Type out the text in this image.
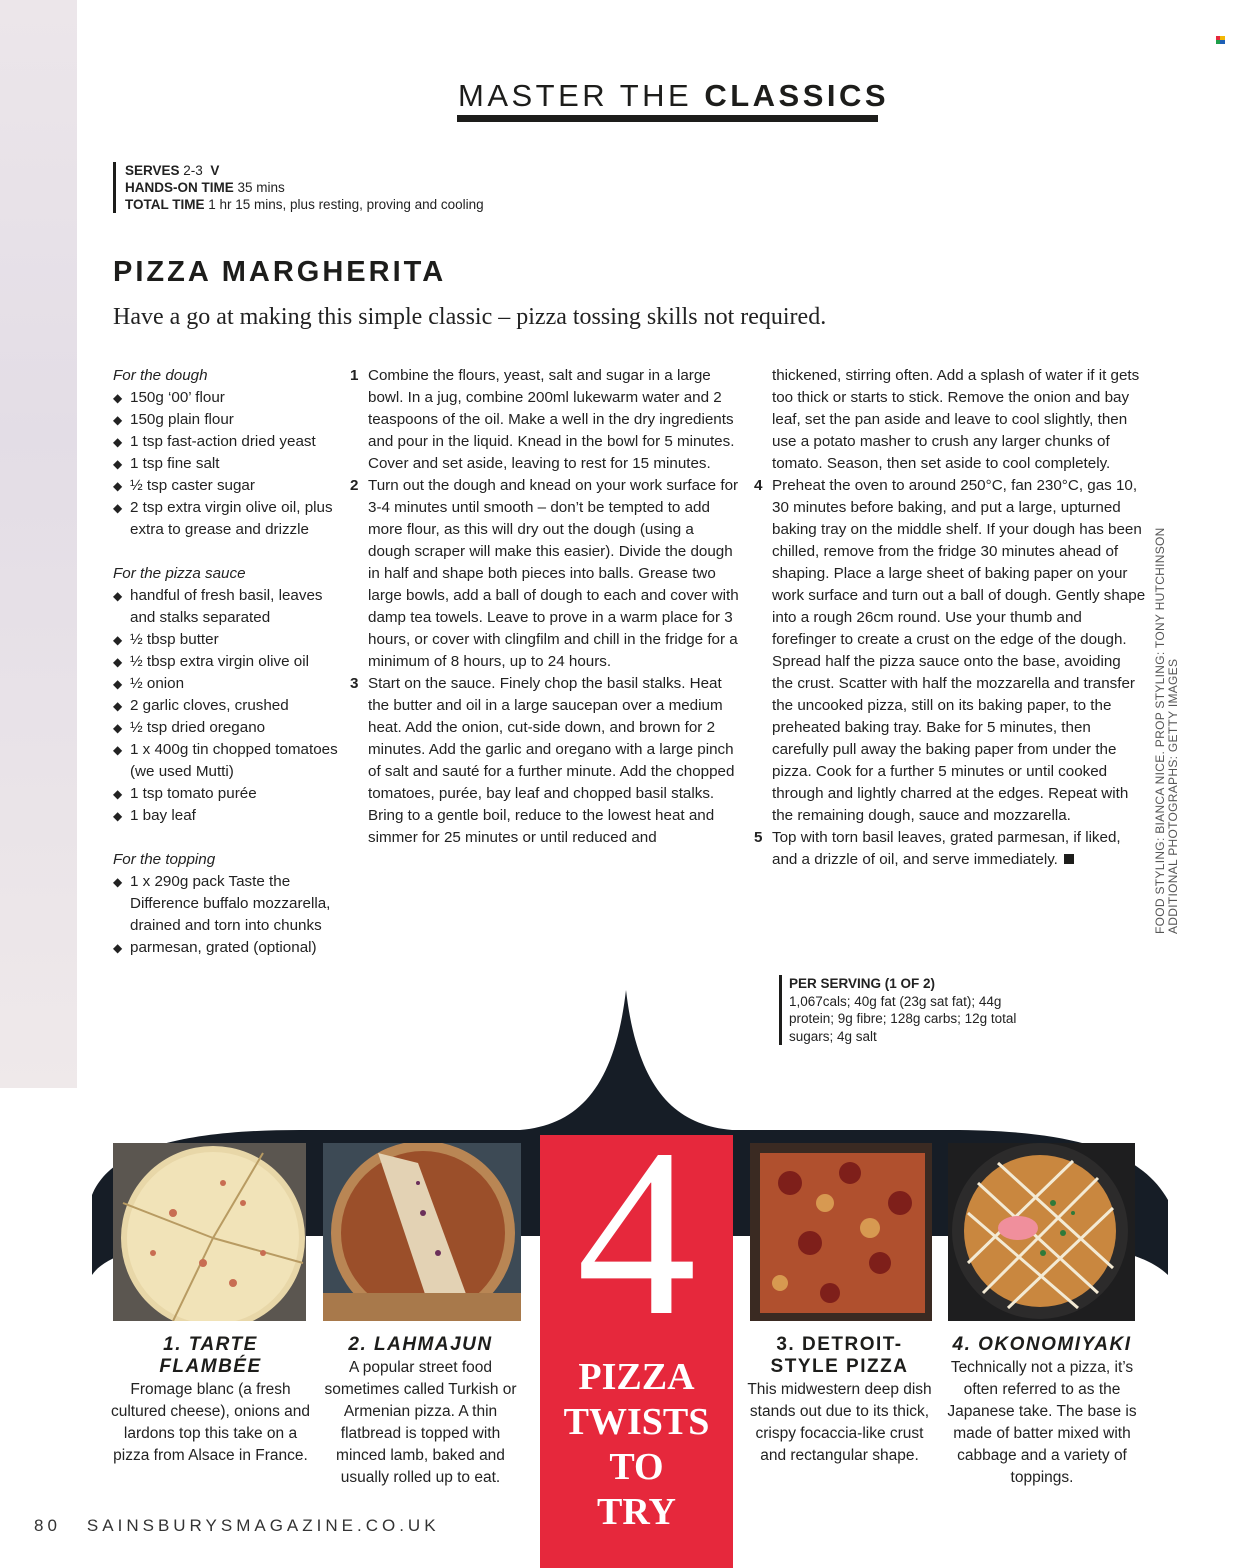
MASTER THE CLASSICS
SERVES 2-3 V
HANDS-ON TIME 35 mins
TOTAL TIME 1 hr 15 mins, plus resting, proving and cooling
PIZZA MARGHERITA
Have a go at making this simple classic – pizza tossing skills not required.

For the dough

◆ 150g ‘00’ flour

◆ 150g plain flour

◆ 1 tsp fast-action dried yeast

◆ 1 tsp fine salt

◆ ½ tsp caster sugar

◆ 2 tsp extra virgin olive oil, plus extra to grease and drizzle

For the pizza sauce

◆ handful of fresh basil, leaves and stalks separated

◆ ½ tbsp butter

◆ ½ tbsp extra virgin olive oil

◆ ½ onion

◆ 2 garlic cloves, crushed

◆ ½ tsp dried oregano

◆ 1 x 400g tin chopped tomatoes (we used Mutti)

◆ 1 tsp tomato purée

◆ 1 bay leaf

For the topping

◆ 1 x 290g pack Taste the Difference buffalo mozzarella, drained and torn into chunks

◆ parmesan, grated (optional)

1 Combine the flours, yeast, salt and sugar in a large bowl. In a jug, combine 200ml lukewarm water and 2 teaspoons of the oil. Make a well in the dry ingredients and pour in the liquid. Knead in the bowl for 5 minutes. Cover and set aside, leaving to rest for 15 minutes.

2 Turn out the dough and knead on your work surface for 3-4 minutes until smooth – don’t be tempted to add more flour, as this will dry out the dough (using a dough scraper will make this easier). Divide the dough in half and shape both pieces into balls. Grease two large bowls, add a ball of dough to each and cover with damp tea towels. Leave to prove in a warm place for 3 hours, or cover with clingfilm and chill in the fridge for a minimum of 8 hours, up to 24 hours.

3 Start on the sauce. Finely chop the basil stalks. Heat the butter and oil in a large saucepan over a medium heat. Add the onion, cut-side down, and brown for 2 minutes. Add the garlic and oregano with a large pinch of salt and sauté for a further minute. Add the chopped tomatoes, purée, bay leaf and chopped basil stalks. Bring to a gentle boil, reduce to the lowest heat and simmer for 25 minutes or until reduced and

thickened, stirring often. Add a splash of water if it gets too thick or starts to stick. Remove the onion and bay leaf, set the pan aside and leave to cool slightly, then use a potato masher to crush any larger chunks of tomato. Season, then set aside to cool completely.

4 Preheat the oven to around 250°C, fan 230°C, gas 10, 30 minutes before baking, and put a large, upturned baking tray on the middle shelf. If your dough has been chilled, remove from the fridge 30 minutes ahead of shaping. Place a large sheet of baking paper on your work surface and turn out a ball of dough. Gently shape into a rough 26cm round. Use your thumb and forefinger to create a crust on the edge of the dough. Spread half the pizza sauce onto the base, avoiding the crust. Scatter with half the mozzarella and transfer the uncooked pizza, still on its baking paper, to the preheated baking tray. Bake for 5 minutes, then carefully pull away the baking paper from under the pizza. Cook for a further 5 minutes or until cooked through and lightly charred at the edges. Repeat with the remaining dough, sauce and mozzarella.

5 Top with torn basil leaves, grated parmesan, if liked, and a drizzle of oil, and serve immediately.	FOOD STYLING: BIANCA NICE. PROP STYLING: TONY HUTCHINSON ADDITIONAL PHOTOGRAPHS: GETTY IMAGES
PER SERVING (1 OF 2)
1,067cals; 40g fat (23g sat fat); 44g protein; 9g fibre; 128g carbs; 12g total sugars; 4g salt
4
PIZZA
TWISTS
TO
TRY
1. TARTE
FLAMBÉE
Fromage blanc (a fresh cultured cheese), onions and lardons top this take on a pizza from Alsace in France.
2. LAHMAJUN
A popular street food sometimes called Turkish or Armenian pizza. A thin flatbread is topped with minced lamb, baked and usually rolled up to eat.
3. DETROIT-
STYLE PIZZA
This midwestern deep dish stands out due to its thick, crispy focaccia-like crust and rectangular shape.
4. OKONOMIYAKI
Technically not a pizza, it’s often referred to as the Japanese take. The base is made of batter mixed with cabbage and a variety of toppings.
80 SAINSBURYSMAGAZINE.CO.UK
